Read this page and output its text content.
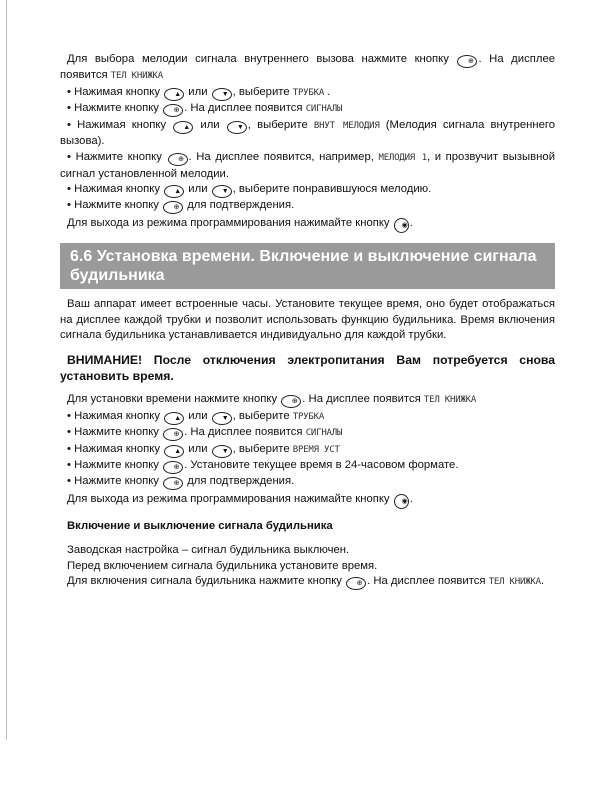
Для выбора мелодии сигнала внутреннего вызова нажмите кнопку	⊕ . На дисплее появится ТЕЛ КНИЖКА

• Нажимая кнопку ▲ или ▼ , выберите ТРУБКА .

• Нажмите кнопку ⊕ . На дисплее появится СИГНАЛЫ

• Нажимая кнопку ▲ или ▼ , выберите ВНУТ МЕЛОДИЯ (Мелодия сигнала внутреннего вызова).

• Нажмите кнопку ⊕ . На дисплее появится, например, МЕЛОДИЯ 1, и прозвучит вызывной сигнал установленной мелодии.

• Нажимая кнопку ▲ или ▼ , выберите понравившуюся мелодию.

• Нажмите кнопку ⊕ для подтверждения.

Для выхода из режима программирования нажимайте кнопку ◉ .

6.6 Установка времени. Включение и выключение сигнала будильника

Ваш аппарат имеет встроенные часы. Установите текущее время, оно будет отображаться на дисплее каждой трубки и позволит использовать функцию будильника. Время включения сигнала будильника устанавливается индивидуально для каждой трубки.

ВНИМАНИЕ! После отключения электропитания Вам потребуется снова установить время.

Для установки времени нажмите кнопку ⊕ . На дисплее появится ТЕЛ КНИЖКА

• Нажимая кнопку ▲ или ▼ , выберите ТРУБКА

• Нажмите кнопку ⊕ . На дисплее появится СИГНАЛЫ

• Нажимая кнопку ▲ или ▼ , выберите ВРЕМЯ УСТ

• Нажмите кнопку ⊕ . Установите текущее время в 24-часовом формате.

• Нажмите кнопку ⊕ для подтверждения.

Для выхода из режима программирования нажимайте кнопку ◉ .

Включение и выключение сигнала будильника

Заводская настройка – сигнал будильника выключен.

Перед включением сигнала будильника установите время.

Для включения сигнала будильника нажмите кнопку ⊕ . На дисплее появится ТЕЛ КНИЖКА.
